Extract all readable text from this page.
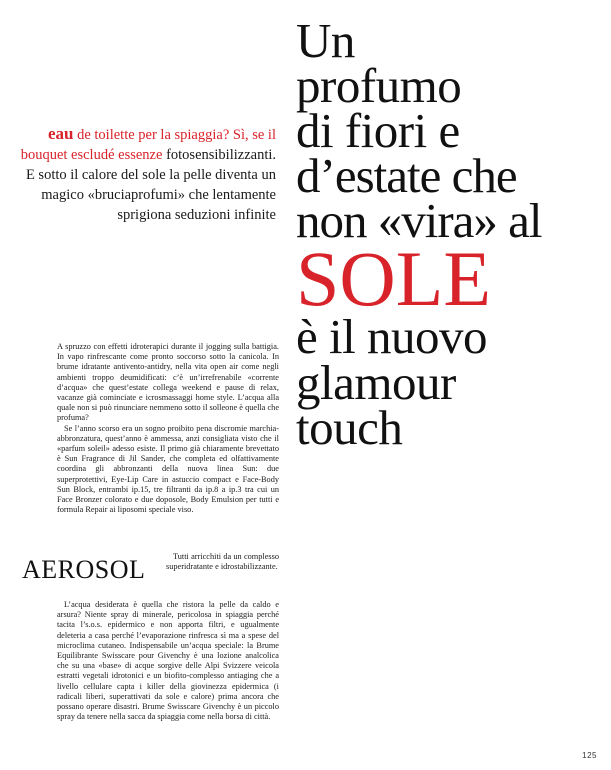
Un
profumo
di fiori e
d’estate che
non «vira» al
SOLE
è il nuovo
glamour
touch
eau de toilette per la spiaggia? Sì, se il bouquet escludé essenze fotosensibilizzanti. E sotto il calore del sole la pelle diventa un magico «bruciaprofumi» che lentamente sprigiona seduzioni infinite

A spruzzo con effetti idroterapici durante il jogging sulla battigia. In vapo rinfrescante come pronto soccorso sotto la canicola. In brume idratante antivento-antidry, nella vita open air come negli ambienti troppo deumidificati: c’è un’irrefrenabile «corrente d’acqua» che quest’estate collega weekend e pause di relax, vacanze già cominciate e icrosmassaggi home style. L’acqua alla quale non si può rinunciare nemmeno sotto il solleone è quella che profuma?

Se l’anno scorso era un sogno proibito pena discromie marchia-abbronzatura, quest’anno è ammessa, anzi consigliata visto che il «parfum soleil» adesso esiste. Il primo già chiaramente brevettato è Sun Fragrance di Jil Sander, che completa ed olfattivamente coordina gli abbronzanti della nuova linea Sun: due superprotettivi, Eye-Lip Care in astuccio compact e Face-Body Sun Block, entrambi ip.15, tre filtranti da ip.8 a ip.3 tra cui un Face Bronzer colorato e due doposole, Body Emulsion per tutti e formula Repair ai liposomi speciale viso.

Tutti arricchiti da un complesso superidratante e idrostabilizzante.

AEROSOL

L’acqua desiderata è quella che ristora la pelle da caldo e arsura? Niente spray di minerale, pericolosa in spiaggia perché tacita l’s.o.s. epidermico e non apporta filtri, e ugualmente deleteria a casa perché l’evaporazione rinfresca sì ma a spese del microclima cutaneo. Indispensabile un’acqua speciale: la Brume Equilibrante Swisscare pour Givenchy è una lozione analcolica che su una «base» di acque sorgive delle Alpi Svizzere veicola estratti vegetali idrotonici e un biofito-complesso antiaging che a livello cellulare capta i killer della giovinezza epidermica (i radicali liberi, superattivati da sole e calore) prima ancora che possano operare disastri. Brume Swisscare Givenchy è un piccolo spray da tenere nella sacca da spiaggia come nella borsa di città.

125
